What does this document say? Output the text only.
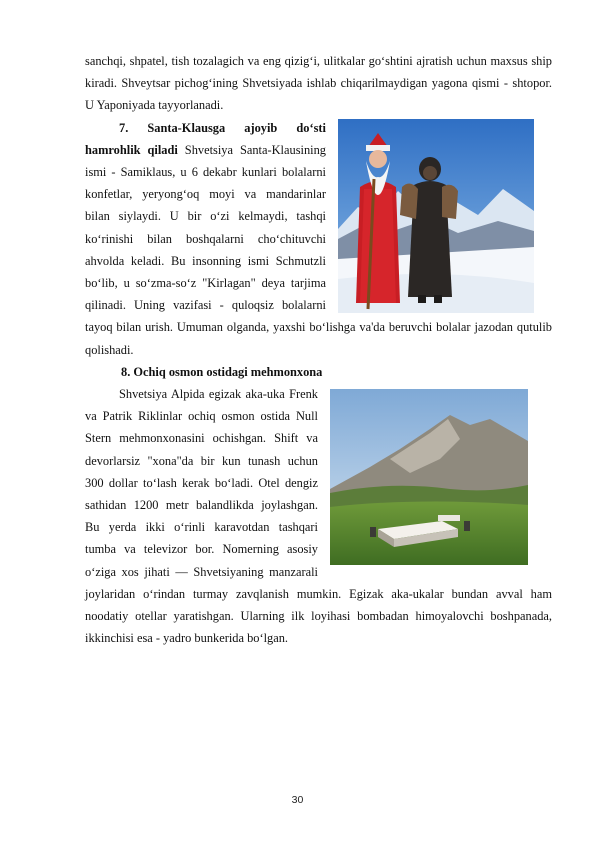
sanchqi, shpatel, tish tozalagich va eng qizig‘i, ulitkalar go‘shtini ajratish uchun maxsus ship kiradi. Shveytsar pichog‘ining Shvetsiyada ishlab chiqarilmaydigan yagona qismi - shtopor. U Yaponiyada tayyorlanadi.

7. Santa-Klausga ajoyib do‘sti hamrohlik qiladi Shvetsiya Santa-Klausining ismi - Samiklaus, u 6 dekabr kunlari bolalarni konfetlar, yeryong‘oq moyi va mandarinlar bilan siylaydi. U bir o‘zi kelmaydi, tashqi ko‘rinishi bilan boshqalarni cho‘chituvchi ahvolda keladi. Bu insonning ismi Schmutzli bo‘lib, u so‘zma-so‘z "Kirlagan" deya tarjima qilinadi. Uning vazifasi - quloqsiz bolalarni tayoq bilan urish. Umuman olganda, yaxshi bo‘lishga va'da beruvchi bolalar jazodan qutulib qolishadi.

8. Ochiq osmon ostidagi mehmonxona

Shvetsiya Alpida egizak aka-uka Frenk va Patrik Riklinlar ochiq osmon ostida Null Stern mehmonxonasini ochishgan. Shift va devorlarsiz "xona"da bir kun tunash uchun 300 dollar to‘lash kerak bo‘ladi. Otel dengiz sathidan 1200 metr balandlikda joylashgan. Bu yerda ikki o‘rinli karavotdan tashqari tumba va televizor bor. Nomerning asosiy o‘ziga xos jihati — Shvetsiyaning manzarali joylaridan o‘rindan turmay zavqlanish mumkin. Egizak aka-ukalar bundan avval ham noodatiy otellar yaratishgan. Ularning ilk loyihasi bombadan himoyalovchi boshpanada, ikkinchisi esa - yadro bunkerida bo‘lgan.

30
